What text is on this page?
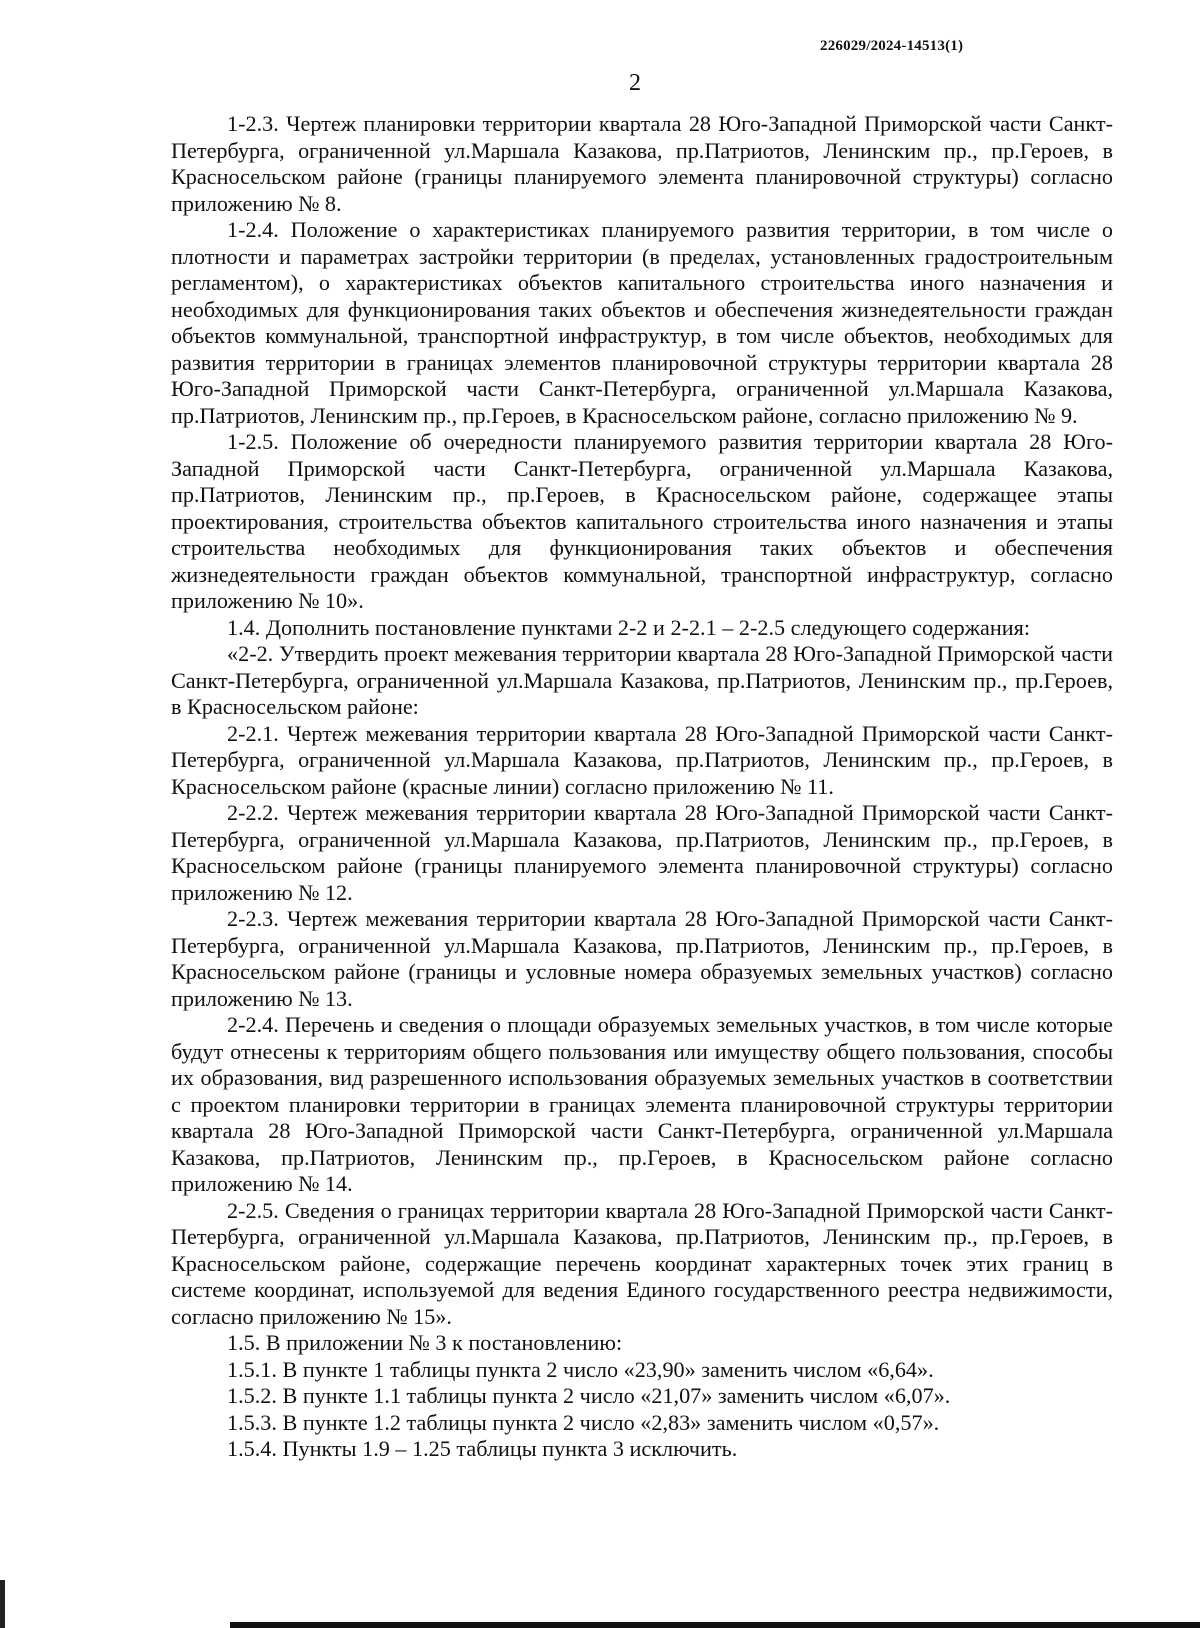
226029/2024-14513(1)
2

1-2.3. Чертеж планировки территории квартала 28 Юго-Западной Приморской части Санкт-Петербурга, ограниченной ул.Маршала Казакова, пр.Патриотов, Ленинским пр., пр.Героев, в Красносельском районе (границы планируемого элемента планировочной структуры) согласно приложению № 8.

1-2.4. Положение о характеристиках планируемого развития территории, в том числе о плотности и параметрах застройки территории (в пределах, установленных градостроительным регламентом), о характеристиках объектов капитального строительства иного назначения и необходимых для функционирования таких объектов и обеспечения жизнедеятельности граждан объектов коммунальной, транспортной инфраструктур, в том числе объектов, необходимых для развития территории в границах элементов планировочной структуры территории квартала 28 Юго-Западной Приморской части Санкт-Петербурга, ограниченной ул.Маршала Казакова, пр.Патриотов, Ленинским пр., пр.Героев, в Красносельском районе, согласно приложению № 9.

1-2.5. Положение об очередности планируемого развития территории квартала 28 Юго-Западной Приморской части Санкт-Петербурга, ограниченной ул.Маршала Казакова, пр.Патриотов, Ленинским пр., пр.Героев, в Красносельском районе, содержащее этапы проектирования, строительства объектов капитального строительства иного назначения и этапы строительства необходимых для функционирования таких объектов и обеспечения жизнедеятельности граждан объектов коммунальной, транспортной инфраструктур, согласно приложению № 10».

1.4. Дополнить постановление пунктами 2-2 и 2-2.1 – 2-2.5 следующего содержания:

«2-2. Утвердить проект межевания территории квартала 28 Юго-Западной Приморской части Санкт-Петербурга, ограниченной ул.Маршала Казакова, пр.Патриотов, Ленинским пр., пр.Героев, в Красносельском районе:

2-2.1. Чертеж межевания территории квартала 28 Юго-Западной Приморской части Санкт-Петербурга, ограниченной ул.Маршала Казакова, пр.Патриотов, Ленинским пр., пр.Героев, в Красносельском районе (красные линии) согласно приложению № 11.

2-2.2. Чертеж межевания территории квартала 28 Юго-Западной Приморской части Санкт-Петербурга, ограниченной ул.Маршала Казакова, пр.Патриотов, Ленинским пр., пр.Героев, в Красносельском районе (границы планируемого элемента планировочной структуры) согласно приложению № 12.

2-2.3. Чертеж межевания территории квартала 28 Юго-Западной Приморской части Санкт-Петербурга, ограниченной ул.Маршала Казакова, пр.Патриотов, Ленинским пр., пр.Героев, в Красносельском районе (границы и условные номера образуемых земельных участков) согласно приложению № 13.

2-2.4. Перечень и сведения о площади образуемых земельных участков, в том числе которые будут отнесены к территориям общего пользования или имуществу общего пользования, способы их образования, вид разрешенного использования образуемых земельных участков в соответствии с проектом планировки территории в границах элемента планировочной структуры территории квартала 28 Юго-Западной Приморской части Санкт-Петербурга, ограниченной ул.Маршала Казакова, пр.Патриотов, Ленинским пр., пр.Героев, в Красносельском районе согласно приложению № 14.

2-2.5. Сведения о границах территории квартала 28 Юго-Западной Приморской части Санкт-Петербурга, ограниченной ул.Маршала Казакова, пр.Патриотов, Ленинским пр., пр.Героев, в Красносельском районе, содержащие перечень координат характерных точек этих границ в системе координат, используемой для ведения Единого государственного реестра недвижимости, согласно приложению № 15».

1.5. В приложении № 3 к постановлению:

1.5.1. В пункте 1 таблицы пункта 2 число «23,90» заменить числом «6,64».

1.5.2. В пункте 1.1 таблицы пункта 2 число «21,07» заменить числом «6,07».

1.5.3. В пункте 1.2 таблицы пункта 2 число «2,83» заменить числом «0,57».

1.5.4. Пункты 1.9 – 1.25 таблицы пункта 3 исключить.
